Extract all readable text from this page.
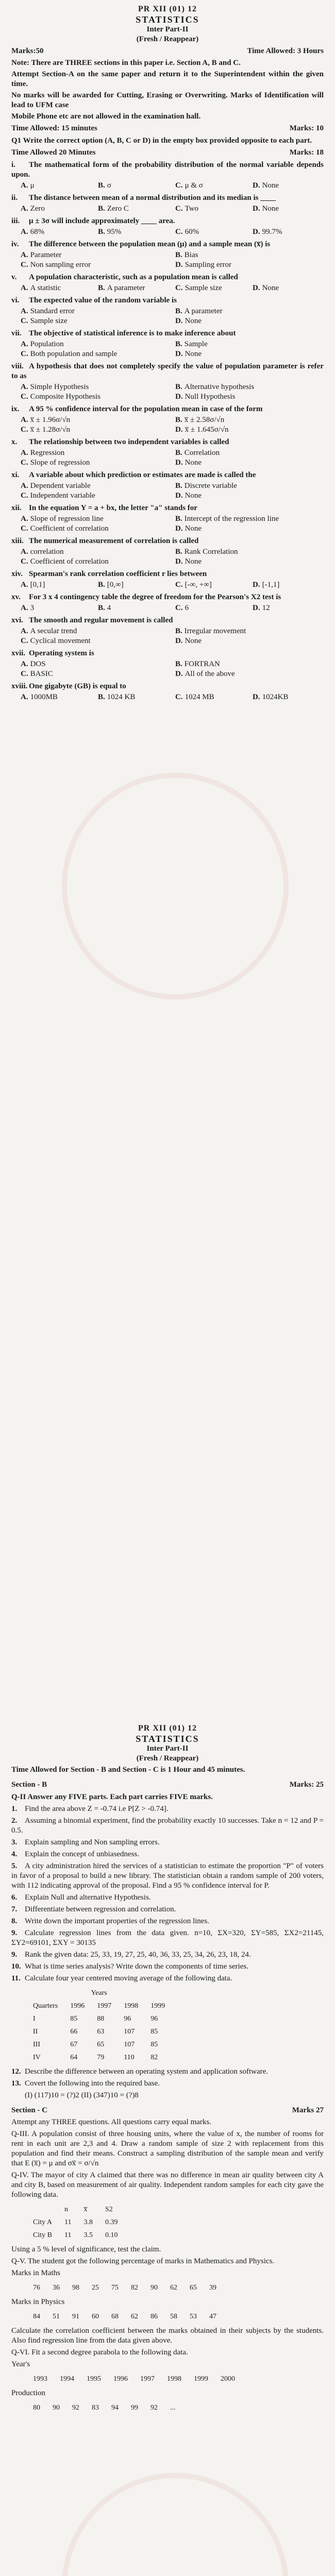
PR XII (01) 12
STATISTICS
Inter Part-II
(Fresh / Reappear)
Marks:50	Time Allowed: 3 Hours
Note: There are THREE sections in this paper i.e. Section A, B and C.
Attempt Section-A on the same paper and return it to the Superintendent within the given time.
No marks will be awarded for Cutting, Erasing or Overwriting. Marks of Identification will lead to UFM case
Mobile Phone etc are not allowed in the examination hall.
Time Allowed: 15 minutes	Marks: 10
Q1 Write the correct option (A, B, C or D) in the empty box provided opposite to each part.
Time Allowed 20 Minutes	Marks: 18
i. The mathematical form of the probability distribution of the normal variable depends upon.
A. μ	B. σ	C. μ & σ	D. None
ii. The distance between mean of a normal distribution and its median is ____
A. Zero	B. Zero C	C. Two	D. None
iii. μ ± 3σ will include approximately ____ area.
A. 68%	B. 95%	C. 60%	D. 99.7%
iv. The difference between the population mean (μ) and a sample mean (x̅) is
A. Parameter	B. Bias
C. Non sampling error	D. Sampling error
v. A population characteristic, such as a population mean is called
A. A statistic	B. A parameter	C. Sample size	D. None
vi. The expected value of the random variable is
A. Standard error	B. A parameter
C. Sample size	D. None
vii. The objective of statistical inference is to make inference about
A. Population	B. Sample
C. Both population and sample	D. None
viii. A hypothesis that does not completely specify the value of population parameter is refer to as
A. Simple Hypothesis	B. Alternative hypothesis
C. Composite Hypothesis	D. Null Hypothesis
ix. A 95 % confidence interval for the population mean in case of the form
A. x̅ ± 1.96σ/√n	B. x̅ ± 2.58σ/√n
C. x̅ ± 1.28σ/√n	D. x̅ ± 1.645σ/√n
x. The relationship between two independent variables is called
A. Regression	B. Correlation
C. Slope of regression	D. None
xi. A variable about which prediction or estimates are made is called the
A. Dependent variable	B. Discrete variable
C. Independent variable	D. None
xii. In the equation Y = a + bx, the letter "a" stands for
A. Slope of regression line	B. Intercept of the regression line
C. Coefficient of correlation	D. None
xiii. The numerical measurement of correlation is called
A. correlation	B. Rank Correlation
C. Coefficient of correlation	D. None
xiv. Spearman's rank correlation coefficient r lies between
A. [0,1]	B. [0,∞]	C. [-∞, +∞]	D. [-1,1]
xv. For 3 x 4 contingency table the degree of freedom for the Pearson's X2 test is
A. 3	B. 4	C. 6	D. 12
xvi. The smooth and regular movement is called
A. A secular trend	B. Irregular movement
C. Cyclical movement	D. None
xvii. Operating system is
A. DOS	B. FORTRAN
C. BASIC	D. All of the above
xviii. One gigabyte (GB) is equal to
A. 1000MB	B. 1024 KB	C. 1024 MB	D. 1024KB
PR XII (01) 12
STATISTICS
Inter Part-II
(Fresh / Reappear)
Time Allowed for Section - B and Section - C is 1 Hour and 45 minutes.
Section - B	Marks: 25
Q-II Answer any FIVE parts. Each part carries FIVE marks.
1. Find the area above Z = -0.74 i.e P[Z > -0.74].
2. Assuming a binomial experiment, find the probability exactly 10 successes. Take n = 12 and P = 0.5.
3. Explain sampling and Non sampling errors.
4. Explain the concept of unbiasedness.
5. A city administration hired the services of a statistician to estimate the proportion "P" of voters in favor of a proposal to build a new library. The statistician obtain a random sample of 200 voters, with 112 indicating approval of the proposal. Find a 95 % confidence interval for P.
6. Explain Null and alternative Hypothesis.
7. Differentiate between regression and correlation.
8. Write down the important properties of the regression lines.
9. Calculate regression lines from the data given. n=10, ΣX=320, ΣY=585, ΣX2=21145, ΣY2=69101, ΣXY = 30135
9. Rank the given data: 25, 33, 19, 27, 25, 40, 36, 33, 25, 34, 26, 23, 18, 24.
10. What is time series analysis? Write down the components of time series.
11. Calculate four year centered moving average of the following data.
Years				
Quarters	1996	1997	1998	1999
I	85	88	96	96
II	66	63	107	85
III	67	65	107	85
IV	64	79	110	82
12. Describe the difference between an operating system and application software.
13. Covert the following into the required base.
(I) (117)10 = (?)2 (II) (347)10 = (?)8
Section - C	Marks 27
Attempt any THREE questions. All questions carry equal marks.
Q-III. A population consist of three housing units, where the value of x, the number of rooms for rent in each unit are 2,3 and 4. Draw a random sample of size 2 with replacement from this population and find their means. Construct a sampling distribution of the sample mean and verify that E (x̅) = μ and σx̅ = σ/√n
Q-IV. The mayor of city A claimed that there was no difference in mean air quality between city A and city B, based on measurement of air quality. Independent random samples for each city gave the following data.
	n	x̅	S2
City A	11	3.8	0.39
City B	11	3.5	0.10
Using a 5 % level of significance, test the claim.
Q-V. The student got the following percentage of marks in Mathematics and Physics.
Marks in Maths
76	36	98	25	75	82	90	62	65	39
Marks in Physics
84	51	91	60	68	62	86	58	53	47
Calculate the correlation coefficient between the marks obtained in their subjects by the students. Also find regression line from the data given above.
Q-VI. Fit a second degree parabola to the following data.
Year's
1993	1994	1995	1996	1997	1998	1999	2000
Production
80	90	92	83	94	99	92	...
